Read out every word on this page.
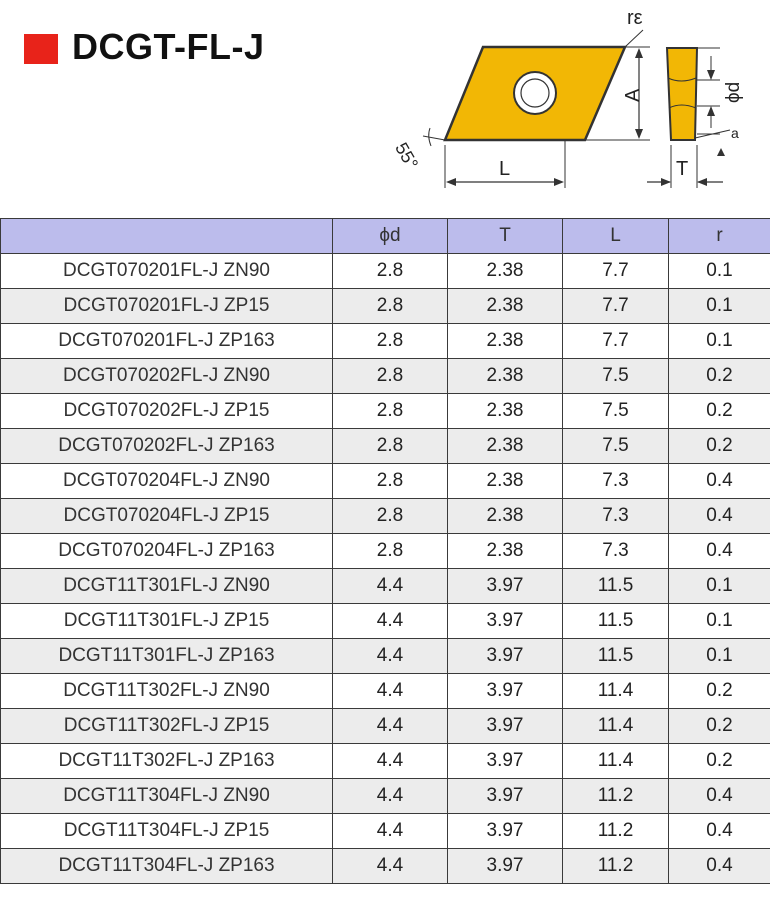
DCGT-FL-J
rε
A
55°	L
ϕd
a
T
	ϕd	T	L	r
DCGT070201FL-J ZN90	2.8	2.38	7.7	0.1
DCGT070201FL-J ZP15	2.8	2.38	7.7	0.1
DCGT070201FL-J ZP163	2.8	2.38	7.7	0.1
DCGT070202FL-J ZN90	2.8	2.38	7.5	0.2
DCGT070202FL-J ZP15	2.8	2.38	7.5	0.2
DCGT070202FL-J ZP163	2.8	2.38	7.5	0.2
DCGT070204FL-J ZN90	2.8	2.38	7.3	0.4
DCGT070204FL-J ZP15	2.8	2.38	7.3	0.4
DCGT070204FL-J ZP163	2.8	2.38	7.3	0.4
DCGT11T301FL-J ZN90	4.4	3.97	11.5	0.1
DCGT11T301FL-J ZP15	4.4	3.97	11.5	0.1
DCGT11T301FL-J ZP163	4.4	3.97	11.5	0.1
DCGT11T302FL-J ZN90	4.4	3.97	11.4	0.2
DCGT11T302FL-J ZP15	4.4	3.97	11.4	0.2
DCGT11T302FL-J ZP163	4.4	3.97	11.4	0.2
DCGT11T304FL-J ZN90	4.4	3.97	11.2	0.4
DCGT11T304FL-J ZP15	4.4	3.97	11.2	0.4
DCGT11T304FL-J ZP163	4.4	3.97	11.2	0.4
